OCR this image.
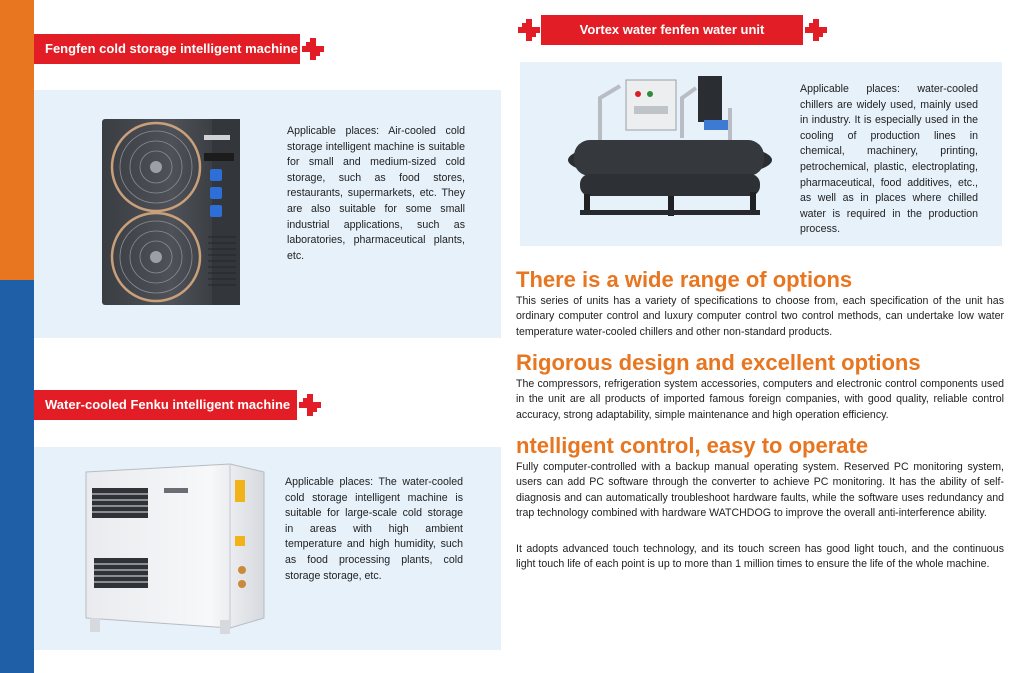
Fengfen cold storage intelligent machine

Applicable places: Air-cooled cold storage intelligent machine is suitable for small and medium-sized cold storage, such as food stores, restaurants, supermarkets, etc. They are also suitable for some small industrial applications, such as laboratories, pharmaceutical plants, etc.

Water-cooled Fenku intelligent machine

Applicable places: The water-cooled cold storage intelligent machine is suitable for large-scale cold storage in areas with high ambient temperature and high humidity, such as food processing plants, cold storage storage, etc.

Vortex water fenfen water unit

Applicable places: water-cooled chillers are widely used, mainly used in industry. It is especially used in the cooling of production lines in chemical, machinery, printing, petrochemical, plastic, electroplating, pharmaceutical, food additives, etc., as well as in places where chilled water is required in the production process.

There is a wide range of options

This series of units has a variety of specifications to choose from, each specification of the unit has ordinary computer control and luxury computer control two control methods, can undertake low water temperature water-cooled chillers and other non-standard products.

Rigorous design and excellent options

The compressors, refrigeration system accessories, computers and electronic control components used in the unit are all products of imported famous foreign companies, with good quality, reliable control accuracy, strong adaptability, simple maintenance and high operation efficiency.

ntelligent control, easy to operate

Fully computer-controlled with a backup manual operating system. Reserved PC monitoring system, users can add PC software through the converter to achieve PC monitoring. It has the ability of self-diagnosis and can automatically troubleshoot hardware faults, while the software uses redundancy and trap technology combined with hardware WATCHDOG to improve the overall anti-interference ability.

It adopts advanced touch technology, and its touch screen has good light touch, and the continuous light touch life of each point is up to more than 1 million times to ensure the life of the whole machine.
